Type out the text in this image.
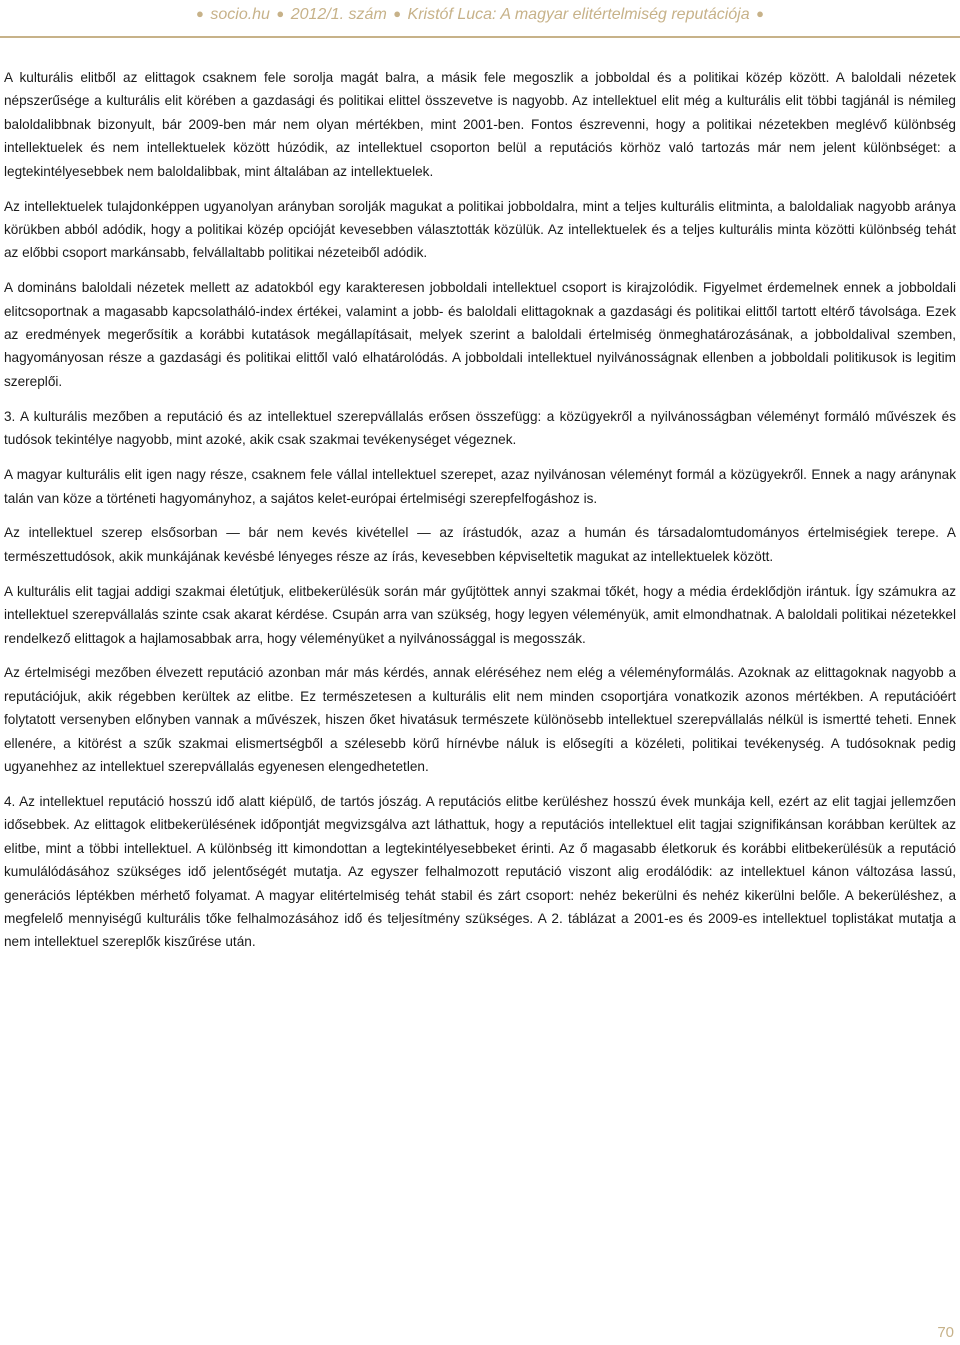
● socio.hu ● 2012/1. szám ● Kristóf Luca: A magyar elitértelmiség reputációja ●

A kulturális elitből az elittagok csaknem fele sorolja magát balra, a másik fele megoszlik a jobboldal és a politikai közép között. A baloldali nézetek népszerűsége a kulturális elit körében a gazdasági és politikai elittel összevetve is nagyobb. Az intellektuel elit még a kulturális elit többi tagjánál is némileg baloldalibbnak bizonyult, bár 2009-ben már nem olyan mértékben, mint 2001-ben. Fontos észrevenni, hogy a politikai nézetekben meglévő különbség intellektuelek és nem intellektuelek között húzódik, az intellektuel csoporton belül a reputációs körhöz való tartozás már nem jelent különbséget: a legtekintélyesebbek nem baloldalibbak, mint általában az intellektuelek.

Az intellektuelek tulajdonképpen ugyanolyan arányban sorolják magukat a politikai jobboldalra, mint a teljes kulturális elitminta, a baloldaliak nagyobb aránya körükben abból adódik, hogy a politikai közép opcióját kevesebben választották közülük. Az intellektuelek és a teljes kulturális minta közötti különbség tehát az előbbi csoport markánsabb, felvállaltabb politikai nézeteiből adódik.

A domináns baloldali nézetek mellett az adatokból egy karakteresen jobboldali intellektuel csoport is kirajzolódik. Figyelmet érdemelnek ennek a jobboldali elitcsoportnak a magasabb kapcsolatháló-index értékei, valamint a jobb- és baloldali elittagoknak a gazdasági és politikai elittől tartott eltérő távolsága. Ezek az eredmények megerősítik a korábbi kutatások megállapításait, melyek szerint a baloldali értelmiség önmeghatározásának, a jobboldalival szemben, hagyományosan része a gazdasági és politikai elittől való elhatárolódás. A jobboldali intellektuel nyilvánosságnak ellenben a jobboldali politikusok is legitim szereplői.

3. A kulturális mezőben a reputáció és az intellektuel szerepvállalás erősen összefügg: a közügyekről a nyilvánosságban véleményt formáló művészek és tudósok tekintélye nagyobb, mint azoké, akik csak szakmai tevékenységet végeznek.

A magyar kulturális elit igen nagy része, csaknem fele vállal intellektuel szerepet, azaz nyilvánosan véleményt formál a közügyekről. Ennek a nagy aránynak talán van köze a történeti hagyományhoz, a sajátos kelet-európai értelmiségi szerepfelfogáshoz is.

Az intellektuel szerep elsősorban — bár nem kevés kivétellel — az írástudók, azaz a humán és társadalomtudományos értelmiségiek terepe. A természettudósok, akik munkájának kevésbé lényeges része az írás, kevesebben képviseltetik magukat az intellektuelek között.

A kulturális elit tagjai addigi szakmai életútjuk, elitbekerülésük során már gyűjtöttek annyi szakmai tőkét, hogy a média érdeklődjön irántuk. Így számukra az intellektuel szerepvállalás szinte csak akarat kérdése. Csupán arra van szükség, hogy legyen véleményük, amit elmondhatnak. A baloldali politikai nézetekkel rendelkező elittagok a hajlamosabbak arra, hogy véleményüket a nyilvánossággal is megosszák.

Az értelmiségi mezőben élvezett reputáció azonban már más kérdés, annak eléréséhez nem elég a véleményformálás. Azoknak az elittagoknak nagyobb a reputációjuk, akik régebben kerültek az elitbe. Ez természetesen a kulturális elit nem minden csoportjára vonatkozik azonos mértékben. A reputációért folytatott versenyben előnyben vannak a művészek, hiszen őket hivatásuk természete különösebb intellektuel szerepvállalás nélkül is ismertté teheti. Ennek ellenére, a kitörést a szűk szakmai elismertségből a szélesebb körű hírnévbe náluk is elősegíti a közéleti, politikai tevékenység. A tudósoknak pedig ugyanehhez az intellektuel szerepvállalás egyenesen elengedhetetlen.

4. Az intellektuel reputáció hosszú idő alatt kiépülő, de tartós jószág. A reputációs elitbe kerüléshez hosszú évek munkája kell, ezért az elit tagjai jellemzően idősebbek. Az elittagok elitbekerülésének időpontját megvizsgálva azt láthattuk, hogy a reputációs intellektuel elit tagjai szignifikánsan korábban kerültek az elitbe, mint a többi intellektuel. A különbség itt kimondottan a legtekintélyesebbeket érinti. Az ő magasabb életkoruk és korábbi elitbekerülésük a reputáció kumulálódásához szükséges idő jelentőségét mutatja. Az egyszer felhalmozott reputáció viszont alig erodálódik: az intellektuel kánon változása lassú, generációs léptékben mérhető folyamat. A magyar elitértelmiség tehát stabil és zárt csoport: nehéz bekerülni és nehéz kikerülni belőle. A bekerüléshez, a megfelelő mennyiségű kulturális tőke felhalmozásához idő és teljesítmény szükséges. A 2. táblázat a 2001-es és 2009-es intellektuel toplistákat mutatja a nem intellektuel szereplők kiszűrése után.

70
